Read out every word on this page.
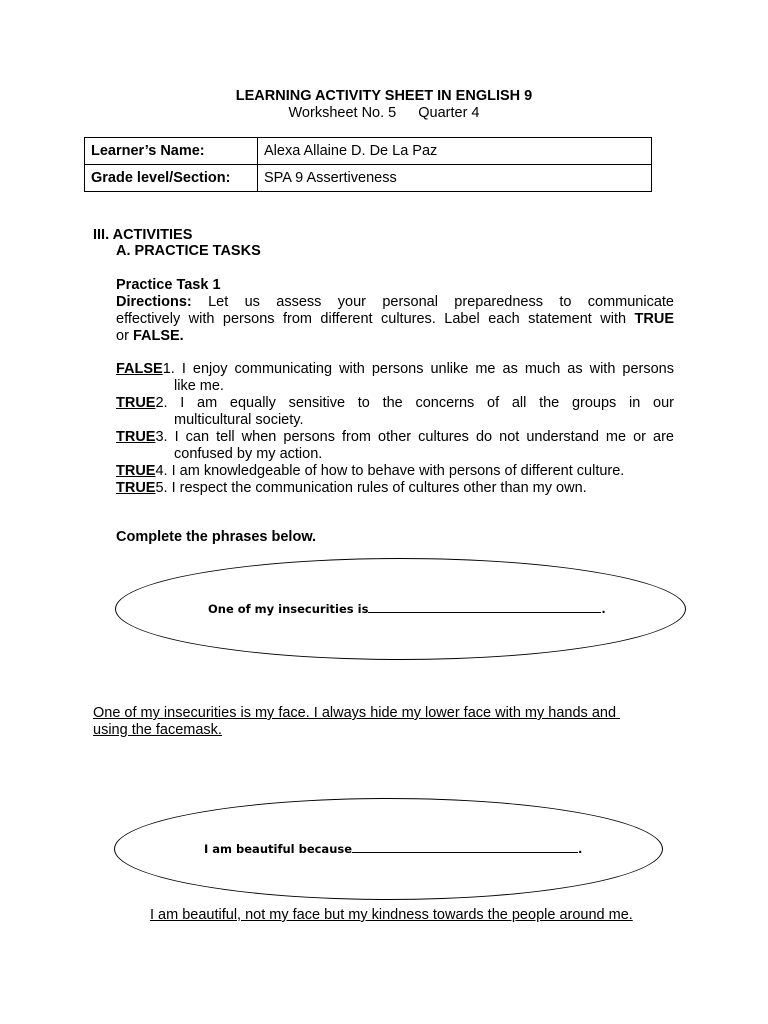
LEARNING ACTIVITY SHEET IN ENGLISH 9
Worksheet No. 5 Quarter 4
Learner’s Name:	Alexa Allaine D. De La Paz
Grade level/Section:	SPA 9 Assertiveness
III. ACTIVITIES
A. PRACTICE TASKS
Practice Task 1
Directions: Let us assess your personal preparedness to communicate
effectively with persons from different cultures. Label each statement with TRUE
or FALSE.
FALSE1. I enjoy communicating with persons unlike me as much as with persons
like me.
TRUE2. I am equally sensitive to the concerns of all the groups in our
multicultural society.
TRUE3. I can tell when persons from other cultures do not understand me or are
confused by my action.
TRUE4. I am knowledgeable of how to behave with persons of different culture.
TRUE5. I respect the communication rules of cultures other than my own.
Complete the phrases below.
One of my insecurities is	.
One of my insecurities is my face. I always hide my lower face with my hands and
using the facemask.
I am beautiful because	.
I am beautiful, not my face but my kindness towards the people around me.
